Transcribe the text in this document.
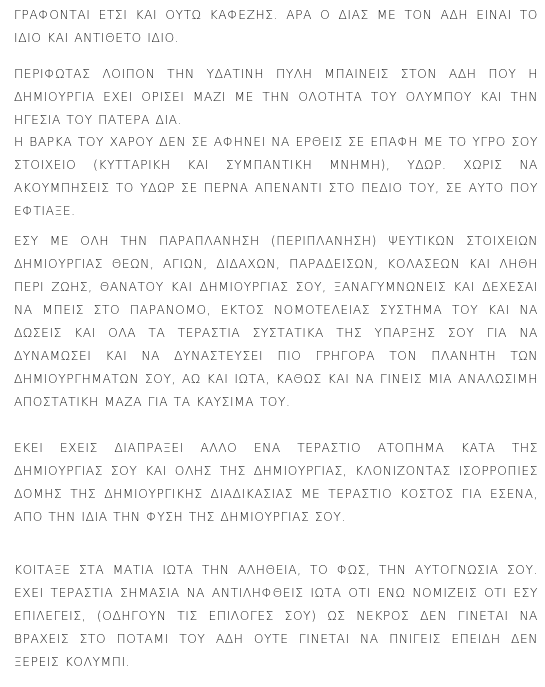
ΓΡΑΦΟΝΤΑΙ ΕΤΣΙ ΚΑΙ ΟΥΤΩ ΚΑΦΕΖΗΣ. ΑΡΑ Ο ΔΙΑΣ ΜΕ ΤΟΝ ΑΔΗ ΕΙΝΑΙ ΤΟ ΙΔΙΟ ΚΑΙ ΑΝΤΙΘΕΤΟ ΙΔΙΟ.

ΠΕΡΙΦΩΤΑΣ ΛΟΙΠΟΝ ΤΗΝ ΥΔΑΤΙΝΗ ΠΥΛΗ ΜΠΑΙΝΕΙΣ ΣΤΟΝ ΑΔΗ ΠΟΥ Η ΔΗΜΙΟΥΡΓΙΑ ΕΧΕΙ ΟΡΙΣΕΙ ΜΑΖΙ ΜΕ ΤΗΝ ΟΛΟΤΗΤΑ ΤΟΥ ΟΛΥΜΠΟΥ ΚΑΙ ΤΗΝ ΗΓΕΣΙΑ ΤΟΥ ΠΑΤΕΡΑ ΔΙΑ.

Η ΒΑΡΚΑ ΤΟΥ ΧΑΡΟΥ ΔΕΝ ΣΕ ΑΦΗΝΕΙ ΝΑ ΕΡΘΕΙΣ ΣΕ ΕΠΑΦΗ ΜΕ ΤΟ ΥΓΡΟ ΣΟΥ ΣΤΟΙΧΕΙΟ (ΚΥΤΤΑΡΙΚΗ ΚΑΙ ΣΥΜΠΑΝΤΙΚΗ ΜΝΗΜΗ), ΥΔΩΡ. ΧΩΡΙΣ ΝΑ ΑΚΟΥΜΠΗΣΕΙΣ ΤΟ ΥΔΩΡ ΣΕ ΠΕΡΝΑ ΑΠΕΝΑΝΤΙ ΣΤΟ ΠΕΔΙΟ ΤΟΥ, ΣΕ ΑΥΤΟ ΠΟΥ ΕΦΤΙΑΞΕ.

ΕΣΥ ΜΕ ΟΛΗ ΤΗΝ ΠΑΡΑΠΛΑΝΗΣΗ (ΠΕΡΙΠΛΑΝΗΣΗ) ΨΕΥΤΙΚΩΝ ΣΤΟΙΧΕΙΩΝ ΔΗΜΙΟΥΡΓΙΑΣ ΘΕΩΝ, ΑΓΙΩΝ, ΔΙΔΑΧΩΝ, ΠΑΡΑΔΕΙΣΩΝ, ΚΟΛΑΣΕΩΝ ΚΑΙ ΛΗΘΗ ΠΕΡΙ ΖΩΗΣ, ΘΑΝΑΤΟΥ ΚΑΙ ΔΗΜΙΟΥΡΓΙΑΣ ΣΟΥ, ΞΑΝΑΓΥΜΝΩΝΕΙΣ ΚΑΙ ΔΕΧΕΣΑΙ ΝΑ ΜΠΕΙΣ ΣΤΟ ΠΑΡΑΝΟΜΟ, ΕΚΤΟΣ ΝΟΜΟΤΕΛΕΙΑΣ ΣΥΣΤΗΜΑ ΤΟΥ ΚΑΙ ΝΑ ΔΩΣΕΙΣ ΚΑΙ ΟΛΑ ΤΑ ΤΕΡΑΣΤΙΑ ΣΥΣΤΑΤΙΚΑ ΤΗΣ ΥΠΑΡΞΗΣ ΣΟΥ ΓΙΑ ΝΑ ΔΥΝΑΜΩΣΕΙ ΚΑΙ ΝΑ ΔΥΝΑΣΤΕΥΣΕΙ ΠΙΟ ΓΡΗΓΟΡΑ ΤΟΝ ΠΛΑΝΗΤΗ ΤΩΝ ΔΗΜΙΟΥΡΓΗΜΑΤΩΝ ΣΟΥ, ΑΩ ΚΑΙ ΙΩΤΑ, ΚΑΘΩΣ ΚΑΙ ΝΑ ΓΙΝΕΙΣ ΜΙΑ ΑΝΑΛΩΣΙΜΗ ΑΠΟΣΤΑΤΙΚΗ ΜΑΖΑ ΓΙΑ ΤΑ ΚΑΥΣΙΜΑ ΤΟΥ.

ΕΚΕΙ ΕΧΕΙΣ ΔΙΑΠΡΑΞΕΙ ΑΛΛΟ ΕΝΑ ΤΕΡΑΣΤΙΟ ΑΤΟΠΗΜΑ ΚΑΤΑ ΤΗΣ ΔΗΜΙΟΥΡΓΙΑΣ ΣΟΥ ΚΑΙ ΟΛΗΣ ΤΗΣ ΔΗΜΙΟΥΡΓΙΑΣ, ΚΛΟΝΙΖΟΝΤΑΣ ΙΣΟΡΡΟΠΙΕΣ ΔΟΜΗΣ ΤΗΣ ΔΗΜΙΟΥΡΓΙΚΗΣ ΔΙΑΔΙΚΑΣΙΑΣ ΜΕ ΤΕΡΑΣΤΙΟ ΚΟΣΤΟΣ ΓΙΑ ΕΣΕΝΑ, ΑΠΟ ΤΗΝ ΙΔΙΑ ΤΗΝ ΦΥΣΗ ΤΗΣ ΔΗΜΙΟΥΡΓΙΑΣ ΣΟΥ.

ΚΟΙΤΑΞΕ ΣΤΑ ΜΑΤΙΑ ΙΩΤΑ ΤΗΝ ΑΛΗΘΕΙΑ, ΤΟ ΦΩΣ, ΤΗΝ ΑΥΤΟΓΝΩΣΙΑ ΣΟΥ. ΕΧΕΙ ΤΕΡΑΣΤΙΑ ΣΗΜΑΣΙΑ ΝΑ ΑΝΤΙΛΗΦΘΕΙΣ ΙΩΤΑ ΟΤΙ ΕΝΩ ΝΟΜΙΖΕΙΣ ΟΤΙ ΕΣΥ ΕΠΙΛΕΓΕΙΣ, (ΟΔΗΓΟΥΝ ΤΙΣ ΕΠΙΛΟΓΕΣ ΣΟΥ) ΩΣ ΝΕΚΡΟΣ ΔΕΝ ΓΙΝΕΤΑΙ ΝΑ ΒΡΑΧΕΙΣ ΣΤΟ ΠΟΤΑΜΙ ΤΟΥ ΑΔΗ ΟΥΤΕ ΓΙΝΕΤΑΙ ΝΑ ΠΝΙΓΕΙΣ ΕΠΕΙΔΗ ΔΕΝ ΞΕΡΕΙΣ ΚΟΛΥΜΠΙ.
